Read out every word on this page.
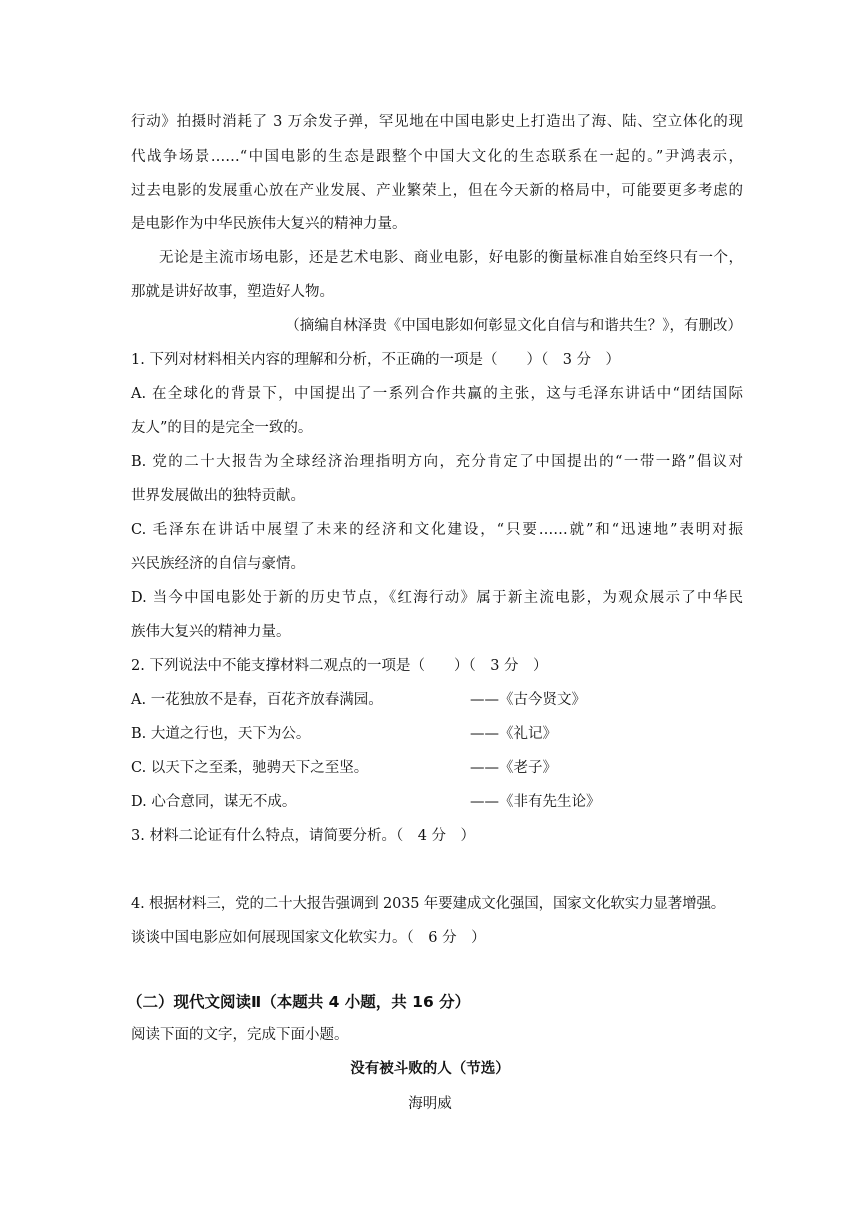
行动》拍摄时消耗了 3 万余发子弹，罕见地在中国电影史上打造出了海、陆、空立体化的现
代战争场景……“中国电影的生态是跟整个中国大文化的生态联系在一起的。”尹鸿表示，
过去电影的发展重心放在产业发展、产业繁荣上，但在今天新的格局中，可能要更多考虑的
是电影作为中华民族伟大复兴的精神力量。
无论是主流市场电影，还是艺术电影、商业电影，好电影的衡量标准自始至终只有一个，
那就是讲好故事，塑造好人物。
（摘编自林泽贵《中国电影如何彰显文化自信与和谐共生？》，有删改）
1. 下列对材料相关内容的理解和分析，不正确的一项是（　　）（　3 分　）
A. 在全球化的背景下，中国提出了一系列合作共赢的主张，这与毛泽东讲话中“团结国际
友人”的目的是完全一致的。
B. 党的二十大报告为全球经济治理指明方向，充分肯定了中国提出的“一带一路”倡议对
世界发展做出的独特贡献。
C. 毛泽东在讲话中展望了未来的经济和文化建设，“只要……就”和“迅速地”表明对振
兴民族经济的自信与豪情。
D. 当今中国电影处于新的历史节点，《红海行动》属于新主流电影，为观众展示了中华民
族伟大复兴的精神力量。
2. 下列说法中不能支撑材料二观点的一项是（　　）（　3 分　）
A. 一花独放不是春，百花齐放春满园。	——《古今贤文》
B. 大道之行也，天下为公。	——《礼记》
C. 以天下之至柔，驰骋天下之至坚。	——《老子》
D. 心合意同，谋无不成。	——《非有先生论》
3. 材料二论证有什么特点，请简要分析。（　4 分　）
4. 根据材料三，党的二十大报告强调到 2035 年要建成文化强国，国家文化软实力显著增强。
谈谈中国电影应如何展现国家文化软实力。（　6 分　）
（二）现代文阅读Ⅱ（本题共 4 小题，共 16 分）
阅读下面的文字，完成下面小题。
没有被斗败的人（节选）
海明威
